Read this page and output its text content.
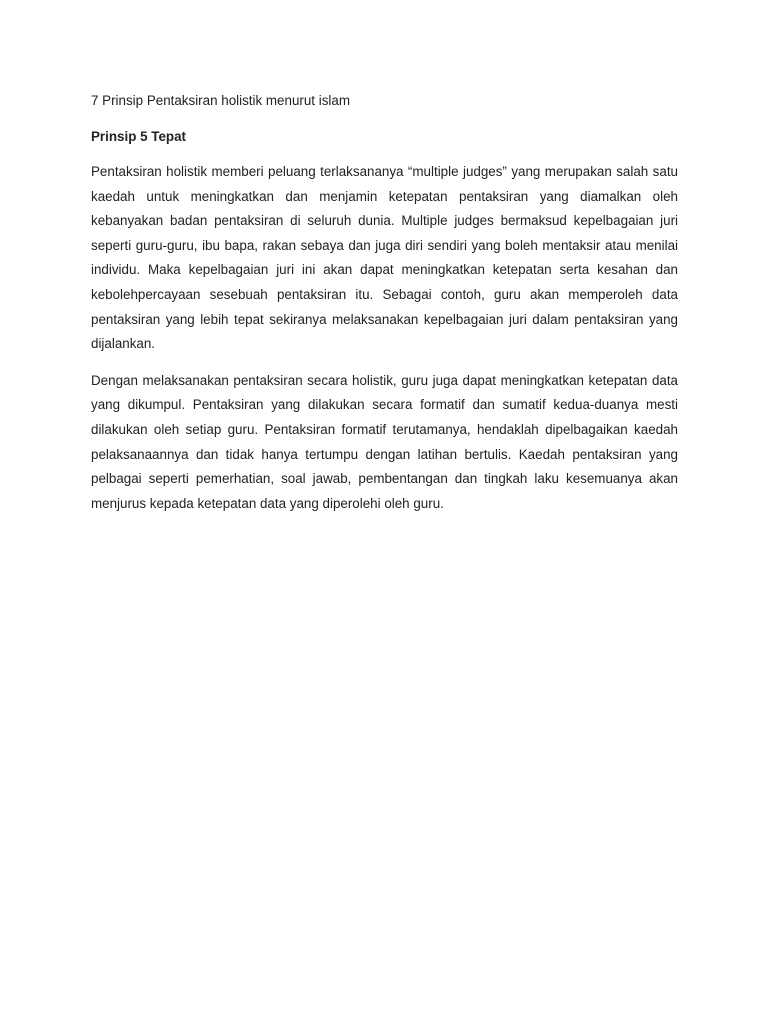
7 Prinsip Pentaksiran holistik menurut islam
Prinsip 5 Tepat

Pentaksiran holistik memberi peluang terlaksananya “multiple judges” yang merupakan salah satu kaedah untuk meningkatkan dan menjamin ketepatan pentaksiran yang diamalkan oleh kebanyakan badan pentaksiran di seluruh dunia. Multiple judges bermaksud kepelbagaian juri seperti guru-guru, ibu bapa, rakan sebaya dan juga diri sendiri yang boleh mentaksir atau menilai individu. Maka kepelbagaian juri ini akan dapat meningkatkan ketepatan serta kesahan dan kebolehpercayaan sesebuah pentaksiran itu. Sebagai contoh, guru akan memperoleh data pentaksiran yang lebih tepat sekiranya melaksanakan kepelbagaian juri dalam pentaksiran yang dijalankan.

Dengan melaksanakan pentaksiran secara holistik, guru juga dapat meningkatkan ketepatan data yang dikumpul. Pentaksiran yang dilakukan secara formatif dan sumatif kedua-duanya mesti dilakukan oleh setiap guru. Pentaksiran formatif terutamanya, hendaklah dipelbagaikan kaedah pelaksanaannya dan tidak hanya tertumpu dengan latihan bertulis. Kaedah pentaksiran yang pelbagai seperti pemerhatian, soal jawab, pembentangan dan tingkah laku kesemuanya akan menjurus kepada ketepatan data yang diperolehi oleh guru.
